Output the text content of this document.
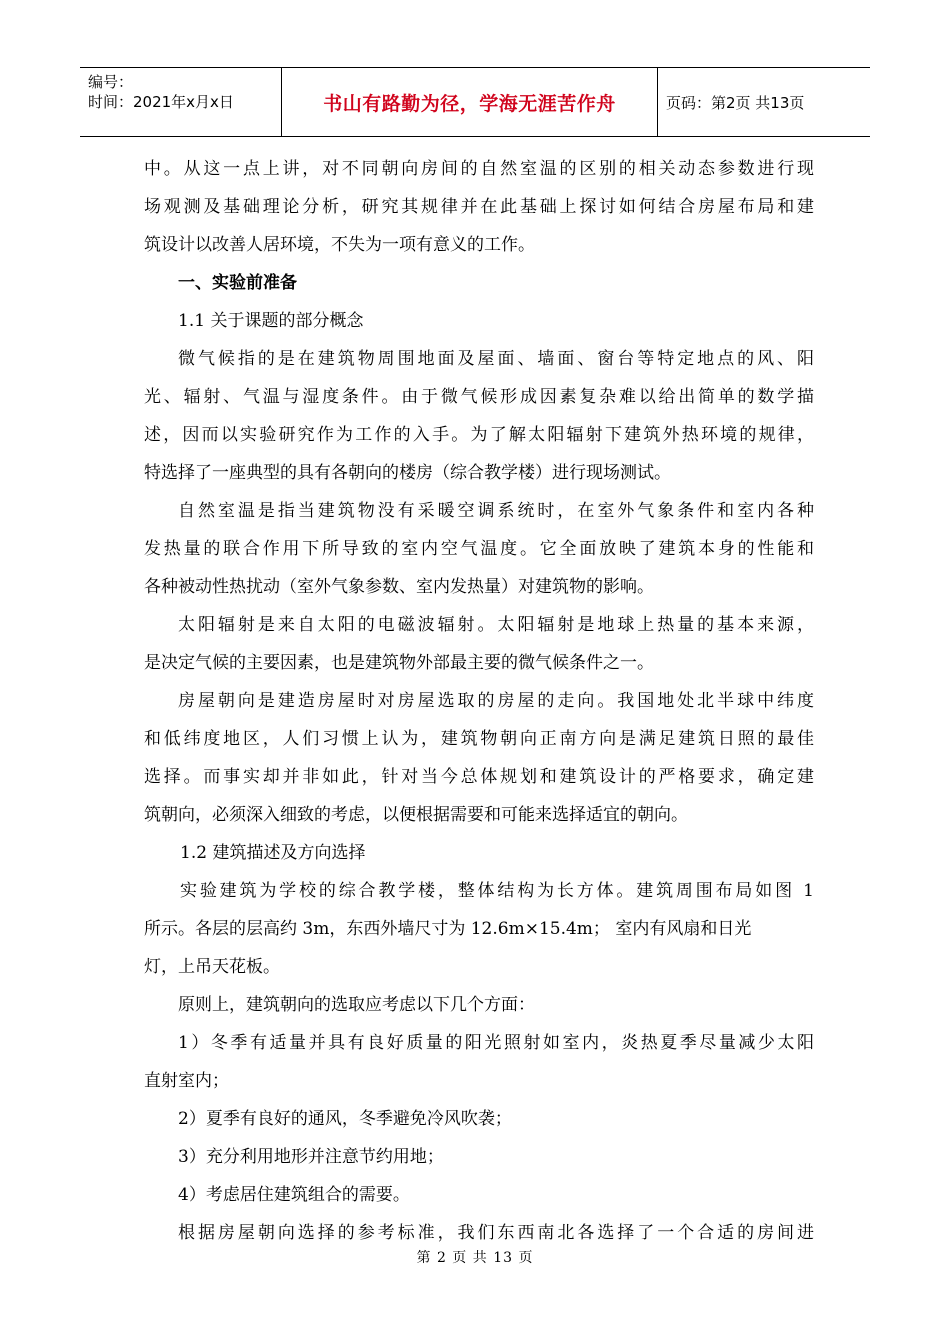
编号：
时间：2021年x月x日	书山有路勤为径，学海无涯苦作舟	页码：第2页 共13页
中。从这一点上讲，对不同朝向房间的自然室温的区别的相关动态参数进行现
场观测及基础理论分析，研究其规律并在此基础上探讨如何结合房屋布局和建
筑设计以改善人居环境，不失为一项有意义的工作。
一、实验前准备
1.1 关于课题的部分概念
微气候指的是在建筑物周围地面及屋面、墙面、窗台等特定地点的风、阳
光、辐射、气温与湿度条件。由于微气候形成因素复杂难以给出简单的数学描
述，因而以实验研究作为工作的入手。为了解太阳辐射下建筑外热环境的规律，
特选择了一座典型的具有各朝向的楼房（综合教学楼）进行现场测试。
自然室温是指当建筑物没有采暖空调系统时，在室外气象条件和室内各种
发热量的联合作用下所导致的室内空气温度。它全面放映了建筑本身的性能和
各种被动性热扰动（室外气象参数、室内发热量）对建筑物的影响。
太阳辐射是来自太阳的电磁波辐射。太阳辐射是地球上热量的基本来源，
是决定气候的主要因素，也是建筑物外部最主要的微气候条件之一。
房屋朝向是建造房屋时对房屋选取的房屋的走向。我国地处北半球中纬度
和低纬度地区，人们习惯上认为，建筑物朝向正南方向是满足建筑日照的最佳
选择。而事实却并非如此，针对当今总体规划和建筑设计的严格要求，确定建
筑朝向，必须深入细致的考虑，以便根据需要和可能来选择适宜的朝向。
1.2 建筑描述及方向选择
实验建筑为学校的综合教学楼，整体结构为长方体。建筑周围布局如图 1
所示。各层的层高约 3m，东西外墙尺寸为 12.6m×15.4m； 室内有风扇和日光
灯，上吊天花板。
原则上，建筑朝向的选取应考虑以下几个方面：
1）冬季有适量并具有良好质量的阳光照射如室内，炎热夏季尽量减少太阳
直射室内；
2）夏季有良好的通风，冬季避免冷风吹袭；
3）充分利用地形并注意节约用地；
4）考虑居住建筑组合的需要。
根据房屋朝向选择的参考标准，我们东西南北各选择了一个合适的房间进
第 2 页 共 13 页
